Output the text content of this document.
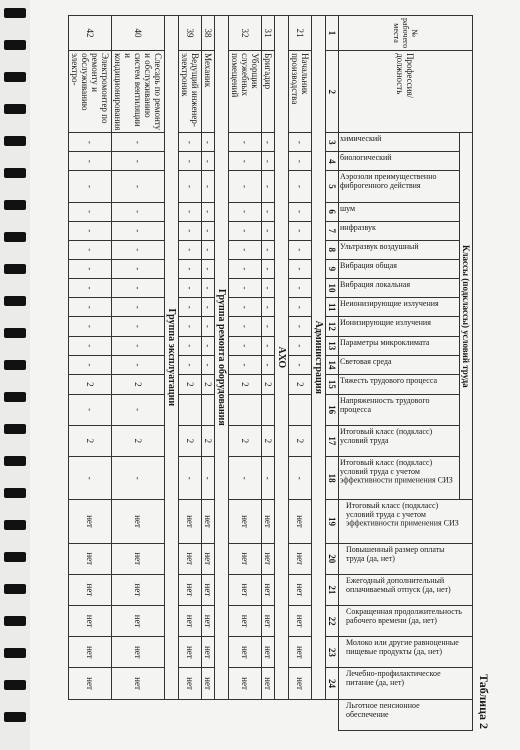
Таблица 2
№ рабочего места	Профессия/ должность	Классы (подклассы) условий труда																Итоговый класс (подкласс) условий труда с учетом эффективности применения СИЗ	Повышенный размер оплаты труда (да, нет)	Ежегодный дополнительный оплачиваемый отпуск (да, нет)	Сокращенная продолжительность рабочего времени (да, нет)	Молоко или другие равноценные пищевые продукты (да, нет)	Лечебно-профилактическое питание (да, нет)	Льготное пенсионное обеспечение

		химический	биологический	Аэрозоли преимущественно фиброгенного действия	шум	инфразвук	Ультразвук воздушный	Вибрация общая	Вибрация локальная	Неионизирующие излучения	Ионизирующие излучения	Параметры микроклимата	Световая среда	Тяжесть трудового процесса	Напряженность трудового процесса	Итоговый класс (подкласс) условий труда	Итоговый класс (подкласс) условий труда с учетом эффективности применения СИЗ							

1	2	3	4	5	6	7	8	9	10	11	12	13	14	15	16	17	18	19	20	21	22	23	24	
Администрация																								
21	Начальник производства	-	-	-	-	-	-	-	-	-	-	-	-	2		2	-	нет	нет	нет	нет	нет	нет	
АХО																								
31	Бригадир	-	-	-	-	-	-	-	-	-	-	-	-	2		2	-	нет	нет	нет	нет	нет	нет	
32	Уборщик служебных помещений	-	-	-	-	-	-	-	-	-	-	-	-	2		2	-	нет	нет	нет	нет	нет	нет	
Группа ремонта оборудования																								
38	Механик	-	-	-	-	-	-	-	-	-	-	-	-	2		2	-	нет	нет	нет	нет	нет	нет	
39	Ведущий инженер-электроник	-	-	-	-	-	-	-	-	-	-	-	-	2		2	-	нет	нет	нет	нет	нет	нет	
Группа эксплуатации																								
40	Слесарь по ремонту и обслуживанию систем вентиляции и кондиционирования	-	-	-	-	-	-	-	-	-	-	-	-	2	-	2	-	нет	нет	нет	нет	нет	нет	
42	Электромонтер по ремонту и обслуживанию электро-	-	-	-	-	-	-	-	-	-	-	-	-	2	-	2	-	нет	нет	нет	нет	нет	нет	
